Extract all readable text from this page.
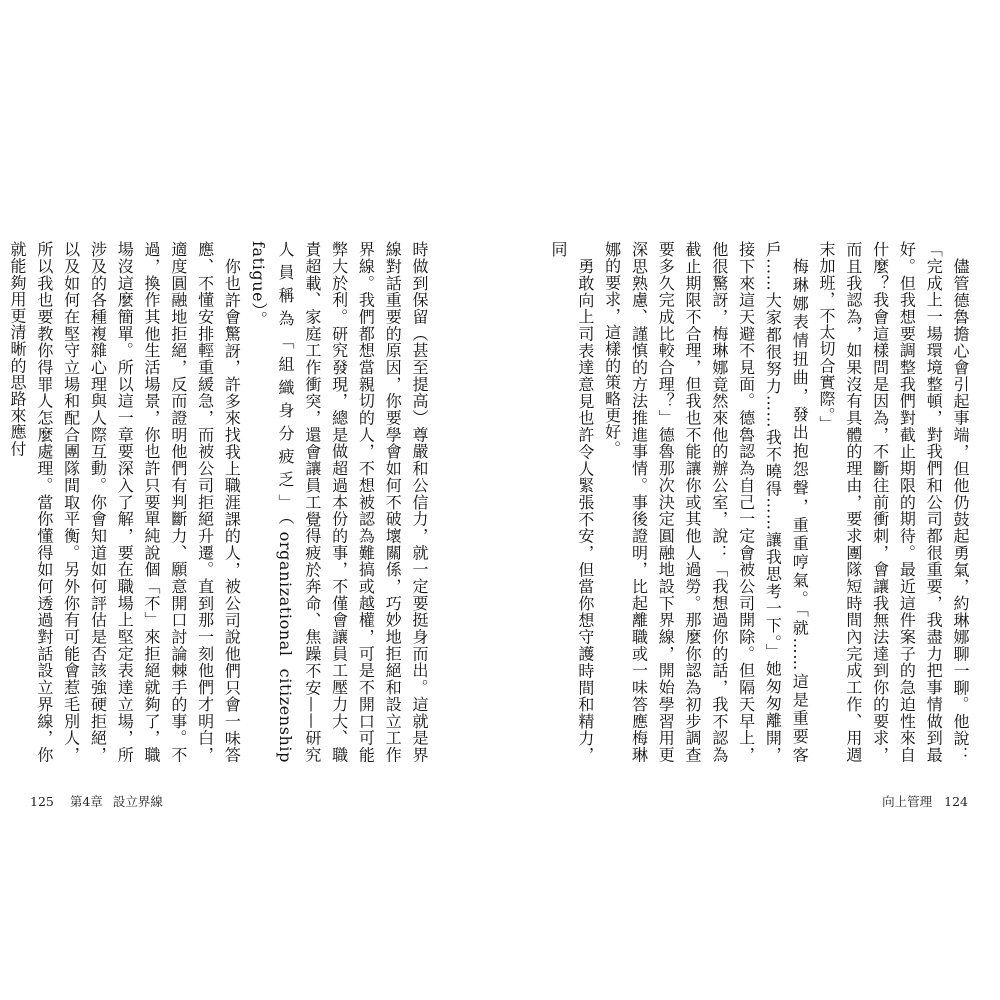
時做到保留（甚至提高）尊嚴和公信力，就一定要挺身而出。這就是界線對話重要的原因，你要學會如何不破壞關係，巧妙地拒絕和設立工作界線。我們都想當親切的人，不想被認為難搞或越權，可是不開口可能弊大於利。研究發現，總是做超過本份的事，不僅會讓員工壓力大、職責超載、家庭工作衝突，還會讓員工覺得疲於奔命、焦躁不安——研究人員稱為「組織身分疲乏」（organizational citizenship fatigue）。

你也許會驚訝，許多來找我上職涯課的人，被公司說他們只會一味答應、不懂安排輕重緩急，而被公司拒絕升遷。直到那一刻他們才明白，適度圓融地拒絕，反而證明他們有判斷力、願意開口討論棘手的事。不過，換作其他生活場景，你也許只要單純說個「不」來拒絕就夠了，職場沒這麼簡單。所以這一章要深入了解，要在職場上堅定表達立場，所涉及的各種複雜心理與人際互動。你會知道如何評估是否該強硬拒絕，以及如何在堅守立場和配合團隊間取平衡。另外你有可能會惹毛別人，所以我也要教你得罪人怎麼處理。當你懂得如何透過對話設立界線，你就能夠用更清晰的思路來應付

125 第4章 設立界線

儘管德魯擔心會引起事端，但他仍鼓起勇氣，約琳娜聊一聊。他說：「完成上一場環境整頓，對我們和公司都很重要，我盡力把事情做到最好。但我想要調整我們對截止期限的期待。最近這件案子的急迫性來自什麼？我會這樣問是因為，不斷往前衝刺，會讓我無法達到你的要求，而且我認為，如果沒有具體的理由，要求團隊短時間內完成工作、用週末加班，不太切合實際。」

梅琳娜表情扭曲，發出抱怨聲，重重哼氣。「就……這是重要客戶……大家都很努力……我不曉得……讓我思考一下。」她匆匆離開，接下來這天避不見面。德魯認為自己一定會被公司開除。但隔天早上，他很驚訝，梅琳娜竟然來他的辦公室，說：「我想過你的話，我不認為截止期限不合理，但我也不能讓你或其他人過勞。那麼你認為初步調查要多久完成比較合理？」德魯那次決定圓融地設下界線，開始學習用更深思熟慮、謹慎的方法推進事情。事後證明，比起離職或一味答應梅琳娜的要求，這樣的策略更好。

勇敢向上司表達意見也許令人緊張不安，但當你想守護時間和精力，同

向上管理 124
